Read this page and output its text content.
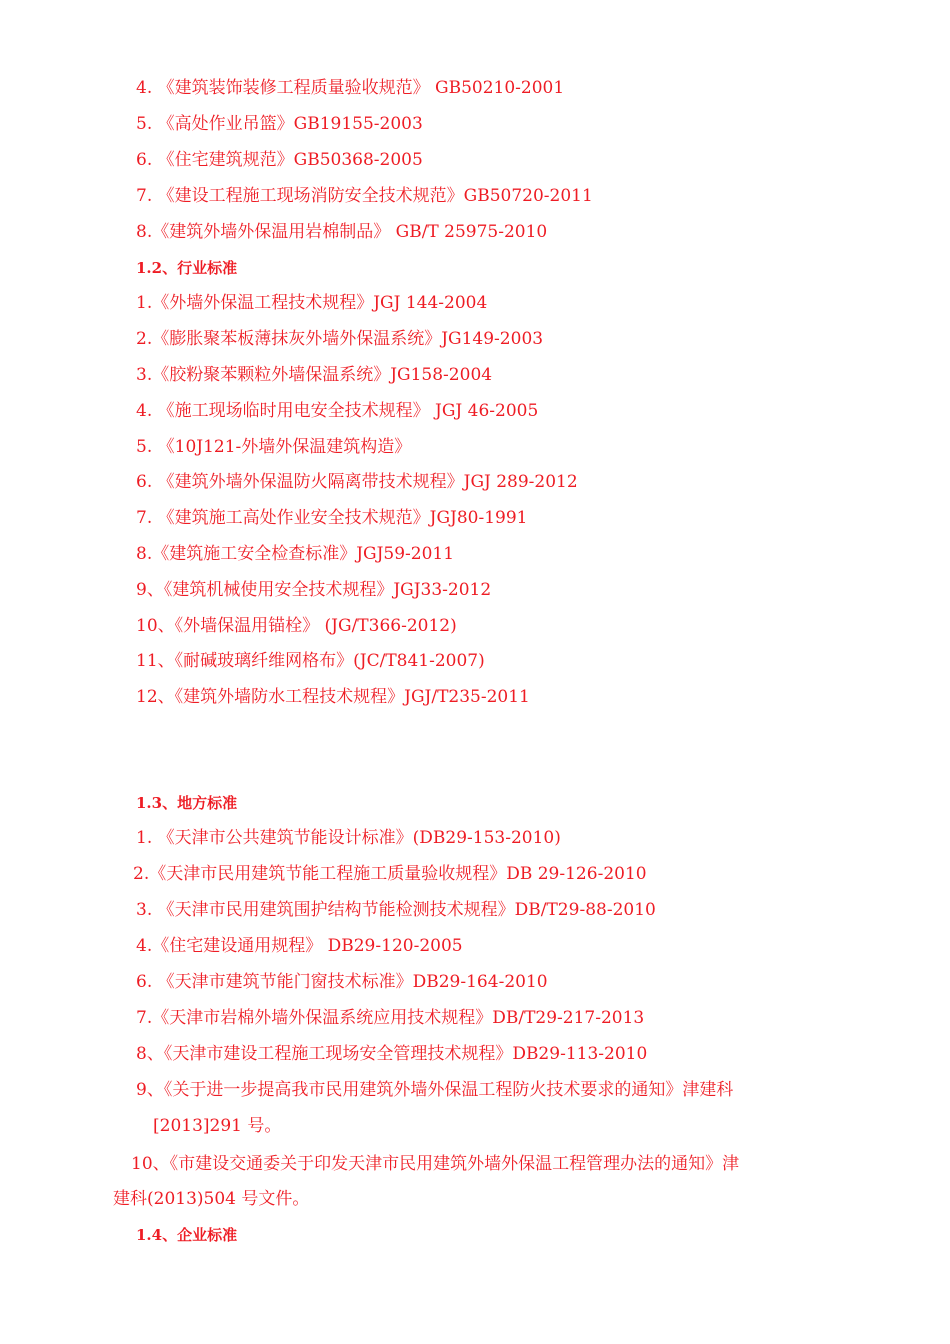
4. 《建筑装饰装修工程质量验收规范》 GB50210-2001
5. 《高处作业吊篮》GB19155-2003
6. 《住宅建筑规范》GB50368-2005
7. 《建设工程施工现场消防安全技术规范》GB50720-2011
8.《建筑外墙外保温用岩棉制品》 GB/T 25975-2010
1.2、行业标准
1.《外墙外保温工程技术规程》JGJ 144-2004
2.《膨胀聚苯板薄抹灰外墙外保温系统》JG149-2003
3.《胶粉聚苯颗粒外墙保温系统》JG158-2004
4. 《施工现场临时用电安全技术规程》 JGJ 46-2005
5. 《10J121-外墙外保温建筑构造》
6. 《建筑外墙外保温防火隔离带技术规程》JGJ 289-2012
7. 《建筑施工高处作业安全技术规范》JGJ80-1991
8.《建筑施工安全检查标准》JGJ59-2011
9、《建筑机械使用安全技术规程》JGJ33-2012
10、《外墙保温用锚栓》 (JG/T366-2012)
11、《耐碱玻璃纤维网格布》(JC/T841-2007)
12、《建筑外墙防水工程技术规程》JGJ/T235-2011
1.3、地方标准
1. 《天津市公共建筑节能设计标准》(DB29-153-2010)
2.《天津市民用建筑节能工程施工质量验收规程》DB 29-126-2010
3. 《天津市民用建筑围护结构节能检测技术规程》DB/T29-88-2010
4.《住宅建设通用规程》 DB29-120-2005
6. 《天津市建筑节能门窗技术标准》DB29-164-2010
7.《天津市岩棉外墙外保温系统应用技术规程》DB/T29-217-2013
8、《天津市建设工程施工现场安全管理技术规程》DB29-113-2010
9、《关于进一步提高我市民用建筑外墙外保温工程防火技术要求的通知》津建科
[2013]291 号。
10、《市建设交通委关于印发天津市民用建筑外墙外保温工程管理办法的通知》津
建科(2013)504 号文件。
1.4、企业标准
